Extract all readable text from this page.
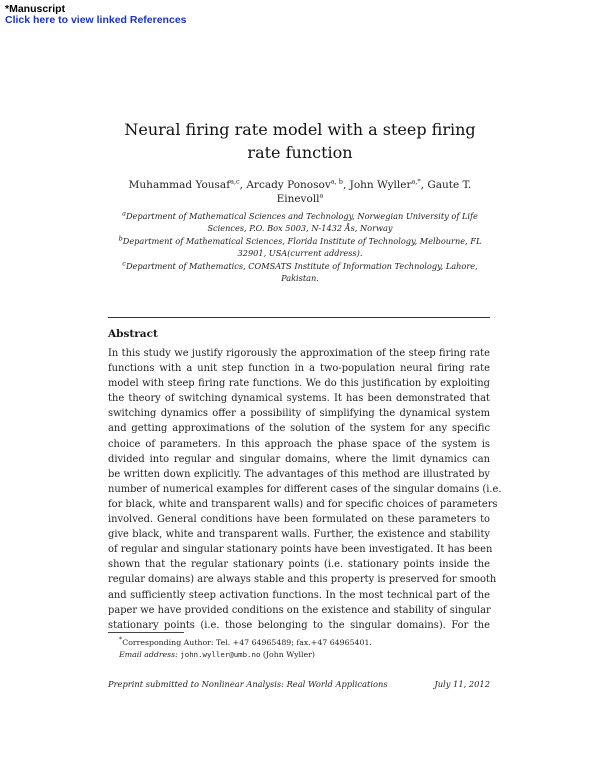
*Manuscript
Click here to view linked References
Neural firing rate model with a steep firing
rate function
Muhammad Yousaf$^{a,c}$, Arcady Ponosov$^{a, b}$, John Wyller$^{a,*}$, Gaute T.
Einevoll$^a$
$^a$Department of Mathematical Sciences and Technology, Norwegian University of Life
Sciences, P.O. Box 5003, N-1432 Ås, Norway
$^b$Department of Mathematical Sciences, Florida Institute of Technology, Melbourne, FL
32901, USA(current address).
$^c$Department of Mathematics, COMSATS Institute of Information Technology, Lahore,
Pakistan.
Abstract
In this study we justify rigorously the approximation of the steep firing rate
functions with a unit step function in a two-population neural firing rate
model with steep firing rate functions. We do this justification by exploiting
the theory of switching dynamical systems. It has been demonstrated that
switching dynamics offer a possibility of simplifying the dynamical system
and getting approximations of the solution of the system for any specific
choice of parameters. In this approach the phase space of the system is
divided into regular and singular domains, where the limit dynamics can
be written down explicitly. The advantages of this method are illustrated by
number of numerical examples for different cases of the singular domains (i.e.
for black, white and transparent walls) and for specific choices of parameters
involved. General conditions have been formulated on these parameters to
give black, white and transparent walls. Further, the existence and stability
of regular and singular stationary points have been investigated. It has been
shown that the regular stationary points (i.e. stationary points inside the
regular domains) are always stable and this property is preserved for smooth
and sufficiently steep activation functions. In the most technical part of the
paper we have provided conditions on the existence and stability of singular
stationary points (i.e. those belonging to the singular domains). For the
*Corresponding Author: Tel. +47 64965489; fax.+47 64965401.
Email address: john.wyller@umb.no (John Wyller)
Preprint submitted to Nonlinear Analysis: Real World Applications	July 11, 2012
